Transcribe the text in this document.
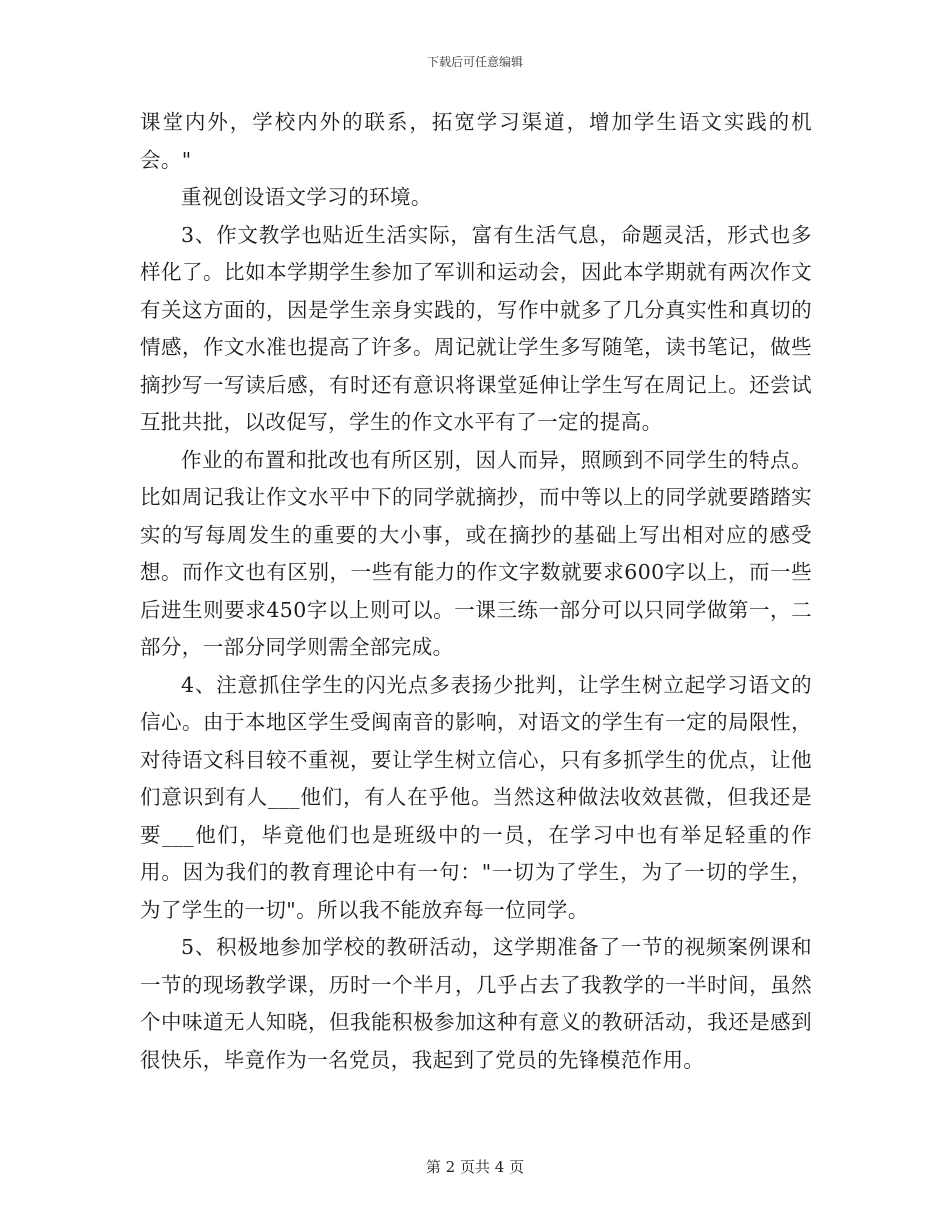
下载后可任意编辑

课堂内外，学校内外的联系，拓宽学习渠道，增加学生语文实践的机会。"

重视创设语文学习的环境。

3、作文教学也贴近生活实际，富有生活气息，命题灵活，形式也多样化了。比如本学期学生参加了军训和运动会，因此本学期就有两次作文有关这方面的，因是学生亲身实践的，写作中就多了几分真实性和真切的情感，作文水准也提高了许多。周记就让学生多写随笔，读书笔记，做些摘抄写一写读后感，有时还有意识将课堂延伸让学生写在周记上。还尝试互批共批，以改促写，学生的作文水平有了一定的提高。

作业的布置和批改也有所区别，因人而异，照顾到不同学生的特点。比如周记我让作文水平中下的同学就摘抄，而中等以上的同学就要踏踏实实的写每周发生的重要的大小事，或在摘抄的基础上写出相对应的感受想。而作文也有区别，一些有能力的作文字数就要求600字以上，而一些后进生则要求450字以上则可以。一课三练一部分可以只同学做第一，二部分，一部分同学则需全部完成。

4、注意抓住学生的闪光点多表扬少批判，让学生树立起学习语文的信心。由于本地区学生受闽南音的影响，对语文的学生有一定的局限性，对待语文科目较不重视，要让学生树立信心，只有多抓学生的优点，让他们意识到有人___他们，有人在乎他。当然这种做法收效甚微，但我还是要___他们，毕竟他们也是班级中的一员，在学习中也有举足轻重的作用。因为我们的教育理论中有一句："一切为了学生，为了一切的学生，为了学生的一切"。所以我不能放弃每一位同学。

5、积极地参加学校的教研活动，这学期准备了一节的视频案例课和一节的现场教学课，历时一个半月，几乎占去了我教学的一半时间，虽然个中味道无人知晓，但我能积极参加这种有意义的教研活动，我还是感到很快乐，毕竟作为一名党员，我起到了党员的先锋模范作用。

第 2 页共 4 页
